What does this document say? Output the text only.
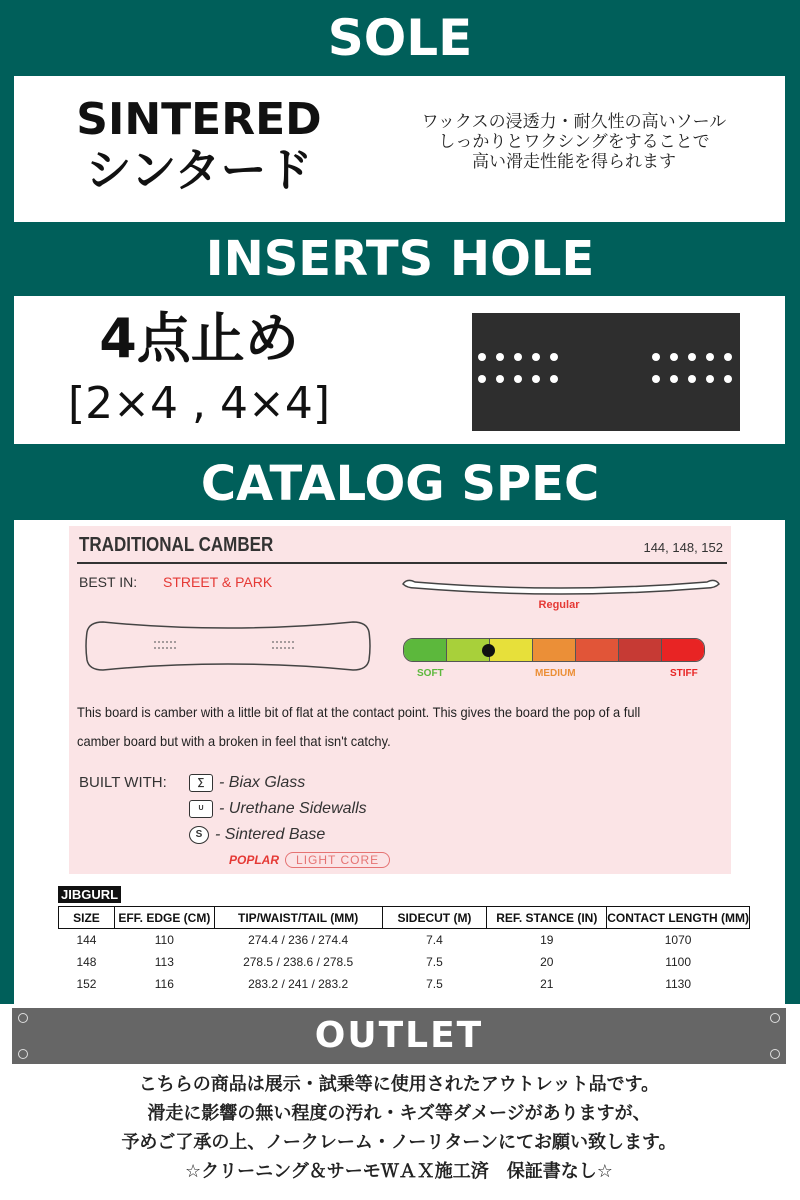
SOLE
SINTERED
シンタード
ワックスの浸透力・耐久性の高いソール
しっかりとワクシングをすることで
高い滑走性能を得られます
INSERTS HOLE
4点止め
[2×4 , 4×4]
CATALOG SPEC
TRADITIONAL CAMBER	144, 148, 152
BEST IN: STREET & PARK
Regular
SOFT	MEDIUM	STIFF
This board is camber with a little bit of flat at the contact point. This gives the board the pop of a full camber board but with a broken in feel that isn't catchy.
BUILT WITH:	∑ - Biax Glass
U - Urethane Sidewalls
S - Sintered Base
POPLAR	LIGHT CORE
JIBGURL
SIZE	EFF. EDGE (CM)	TIP/WAIST/TAIL (MM)	SIDECUT (M)	REF. STANCE (IN)	CONTACT LENGTH (MM)
144	110	274.4 / 236 / 274.4	7.4	19	1070
148	113	278.5 / 238.6 / 278.5	7.5	20	1100
152	116	283.2 / 241 / 283.2	7.5	21	1130
OUTLET
こちらの商品は展示・試乗等に使用されたアウトレット品です。
滑走に影響の無い程度の汚れ・キズ等ダメージがありますが、
予めご了承の上、ノークレーム・ノーリターンにてお願い致します。
☆クリーニング＆サーモＷＡＸ施工済　保証書なし☆
